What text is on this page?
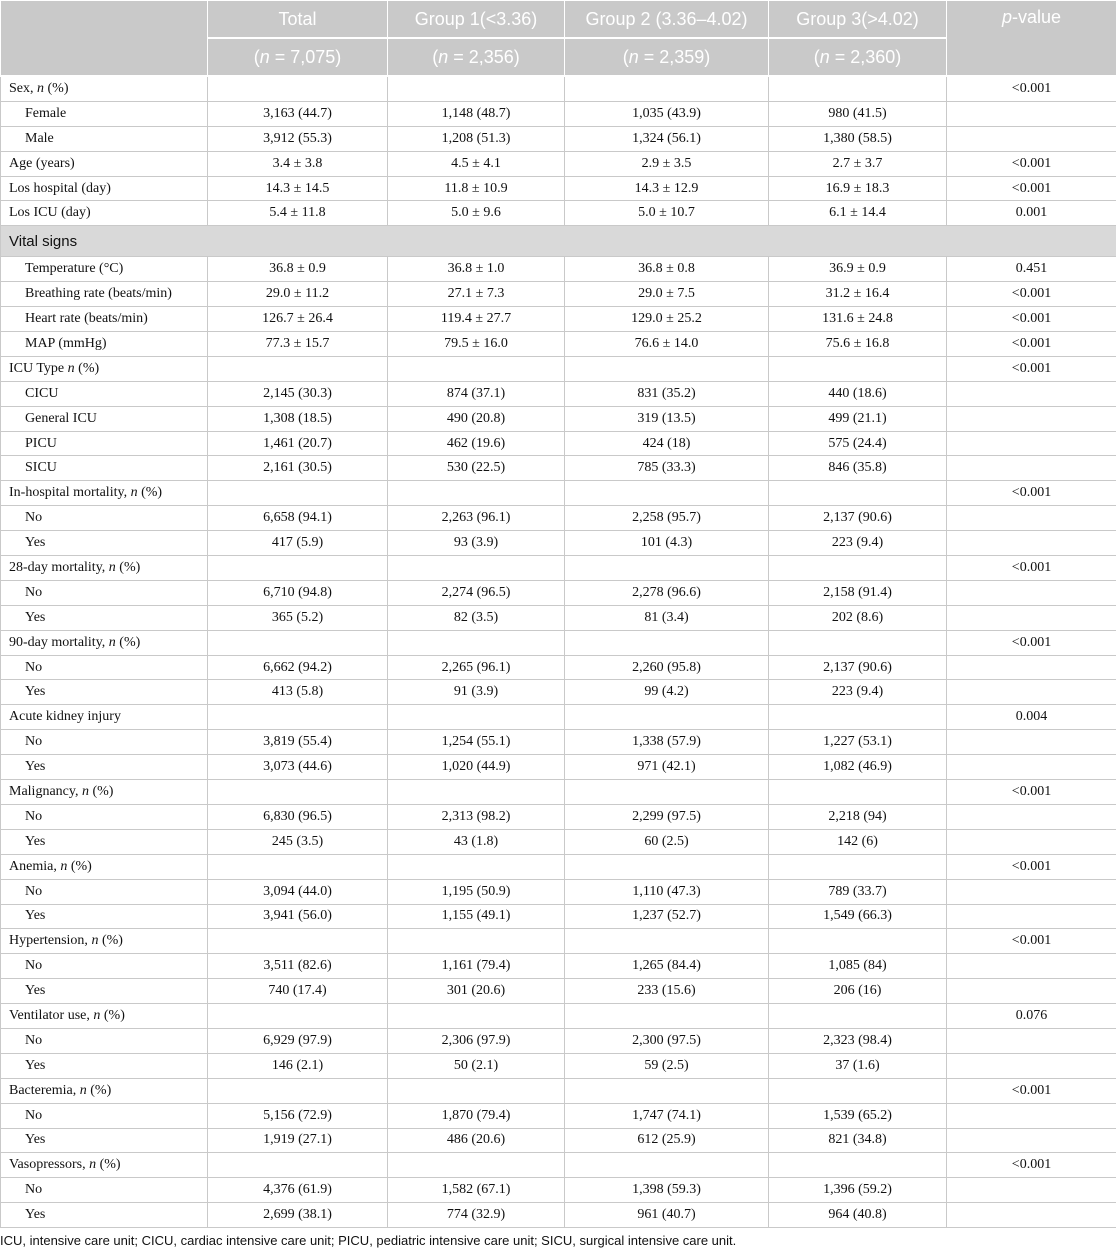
	Total	Group 1(<3.36)	Group 2 (3.36–4.02)	Group 3(>4.02)	p-value
	(n = 7,075)	(n = 2,356)	(n = 2,359)	(n = 2,360)	
Sex, n (%)					<0.001
Female	3,163 (44.7)	1,148 (48.7)	1,035 (43.9)	980 (41.5)	
Male	3,912 (55.3)	1,208 (51.3)	1,324 (56.1)	1,380 (58.5)	
Age (years)	3.4 ± 3.8	4.5 ± 4.1	2.9 ± 3.5	2.7 ± 3.7	<0.001
Los hospital (day)	14.3 ± 14.5	11.8 ± 10.9	14.3 ± 12.9	16.9 ± 18.3	<0.001
Los ICU (day)	5.4 ± 11.8	5.0 ± 9.6	5.0 ± 10.7	6.1 ± 14.4	0.001
Vital signs					
Temperature (°C)	36.8 ± 0.9	36.8 ± 1.0	36.8 ± 0.8	36.9 ± 0.9	0.451
Breathing rate (beats/min)	29.0 ± 11.2	27.1 ± 7.3	29.0 ± 7.5	31.2 ± 16.4	<0.001
Heart rate (beats/min)	126.7 ± 26.4	119.4 ± 27.7	129.0 ± 25.2	131.6 ± 24.8	<0.001
MAP (mmHg)	77.3 ± 15.7	79.5 ± 16.0	76.6 ± 14.0	75.6 ± 16.8	<0.001
ICU Type n (%)					<0.001
CICU	2,145 (30.3)	874 (37.1)	831 (35.2)	440 (18.6)	
General ICU	1,308 (18.5)	490 (20.8)	319 (13.5)	499 (21.1)	
PICU	1,461 (20.7)	462 (19.6)	424 (18)	575 (24.4)	
SICU	2,161 (30.5)	530 (22.5)	785 (33.3)	846 (35.8)	
In-hospital mortality, n (%)					<0.001
No	6,658 (94.1)	2,263 (96.1)	2,258 (95.7)	2,137 (90.6)	
Yes	417 (5.9)	93 (3.9)	101 (4.3)	223 (9.4)	
28-day mortality, n (%)					<0.001
No	6,710 (94.8)	2,274 (96.5)	2,278 (96.6)	2,158 (91.4)	
Yes	365 (5.2)	82 (3.5)	81 (3.4)	202 (8.6)	
90-day mortality, n (%)					<0.001
No	6,662 (94.2)	2,265 (96.1)	2,260 (95.8)	2,137 (90.6)	
Yes	413 (5.8)	91 (3.9)	99 (4.2)	223 (9.4)	
Acute kidney injury					0.004
No	3,819 (55.4)	1,254 (55.1)	1,338 (57.9)	1,227 (53.1)	
Yes	3,073 (44.6)	1,020 (44.9)	971 (42.1)	1,082 (46.9)	
Malignancy, n (%)					<0.001
No	6,830 (96.5)	2,313 (98.2)	2,299 (97.5)	2,218 (94)	
Yes	245 (3.5)	43 (1.8)	60 (2.5)	142 (6)	
Anemia, n (%)					<0.001
No	3,094 (44.0)	1,195 (50.9)	1,110 (47.3)	789 (33.7)	
Yes	3,941 (56.0)	1,155 (49.1)	1,237 (52.7)	1,549 (66.3)	
Hypertension, n (%)					<0.001
No	3,511 (82.6)	1,161 (79.4)	1,265 (84.4)	1,085 (84)	
Yes	740 (17.4)	301 (20.6)	233 (15.6)	206 (16)	
Ventilator use, n (%)					0.076
No	6,929 (97.9)	2,306 (97.9)	2,300 (97.5)	2,323 (98.4)	
Yes	146 (2.1)	50 (2.1)	59 (2.5)	37 (1.6)	
Bacteremia, n (%)					<0.001
No	5,156 (72.9)	1,870 (79.4)	1,747 (74.1)	1,539 (65.2)	
Yes	1,919 (27.1)	486 (20.6)	612 (25.9)	821 (34.8)	
Vasopressors, n (%)					<0.001
No	4,376 (61.9)	1,582 (67.1)	1,398 (59.3)	1,396 (59.2)	
Yes	2,699 (38.1)	774 (32.9)	961 (40.7)	964 (40.8)	
ICU, intensive care unit; CICU, cardiac intensive care unit; PICU, pediatric intensive care unit; SICU, surgical intensive care unit.
